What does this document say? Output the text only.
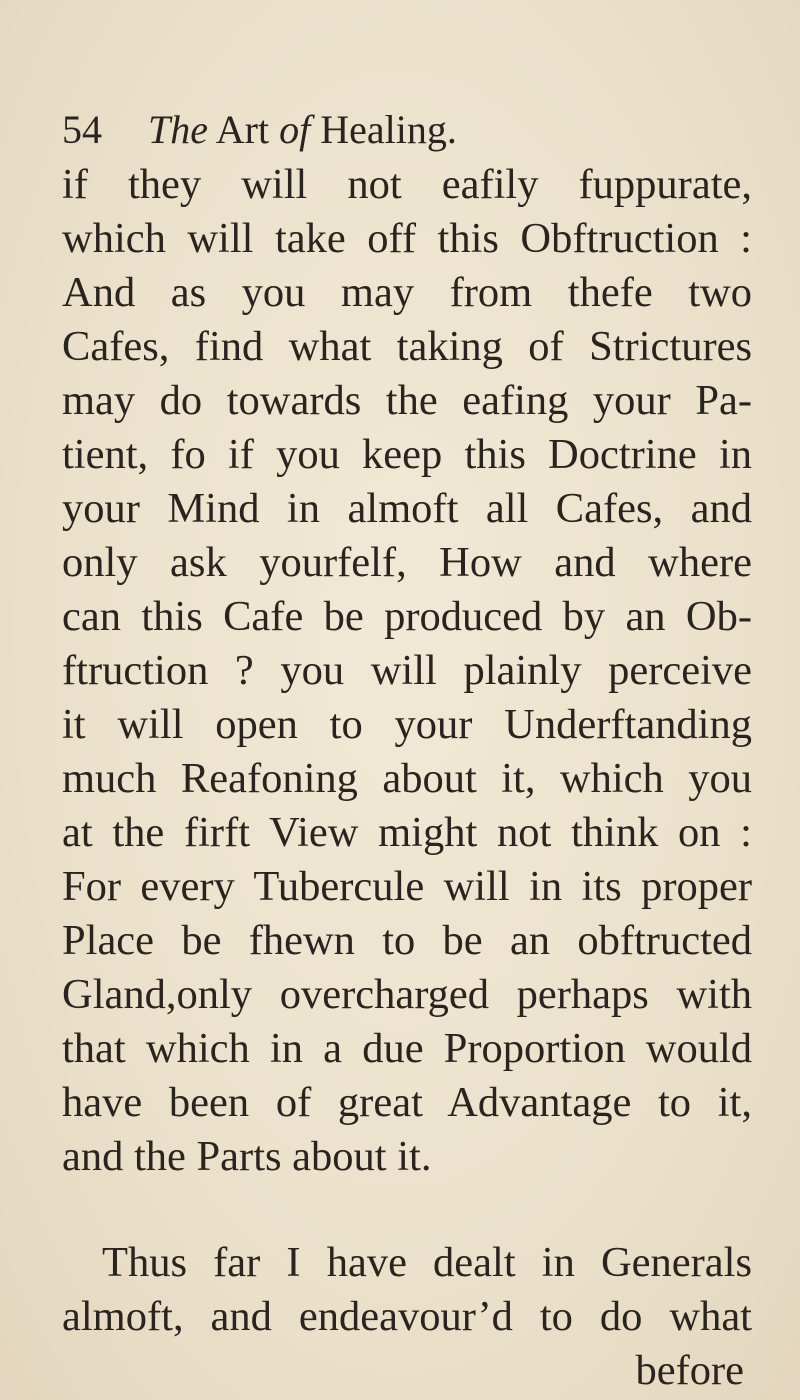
54 The Art of Healing.
if they will not eafily fuppurate,
which will take off this Obftruction :
And as you may from thefe two
Cafes, find what taking of Strictures
may do towards the eafing your Pa-
tient, fo if you keep this Doctrine in
your Mind in almoft all Cafes, and
only ask yourfelf, How and where
can this Cafe be produced by an Ob-
ftruction ? you will plainly perceive
it will open to your Underftanding
much Reafoning about it, which you
at the firft View might not think on :
For every Tubercule will in its proper
Place be fhewn to be an obftructed
Gland,only overcharged perhaps with
that which in a due Proportion would
have been of great Advantage to it,
and the Parts about it.
Thus far I have dealt in Generals
almoft, and endeavour’d to do what
before
